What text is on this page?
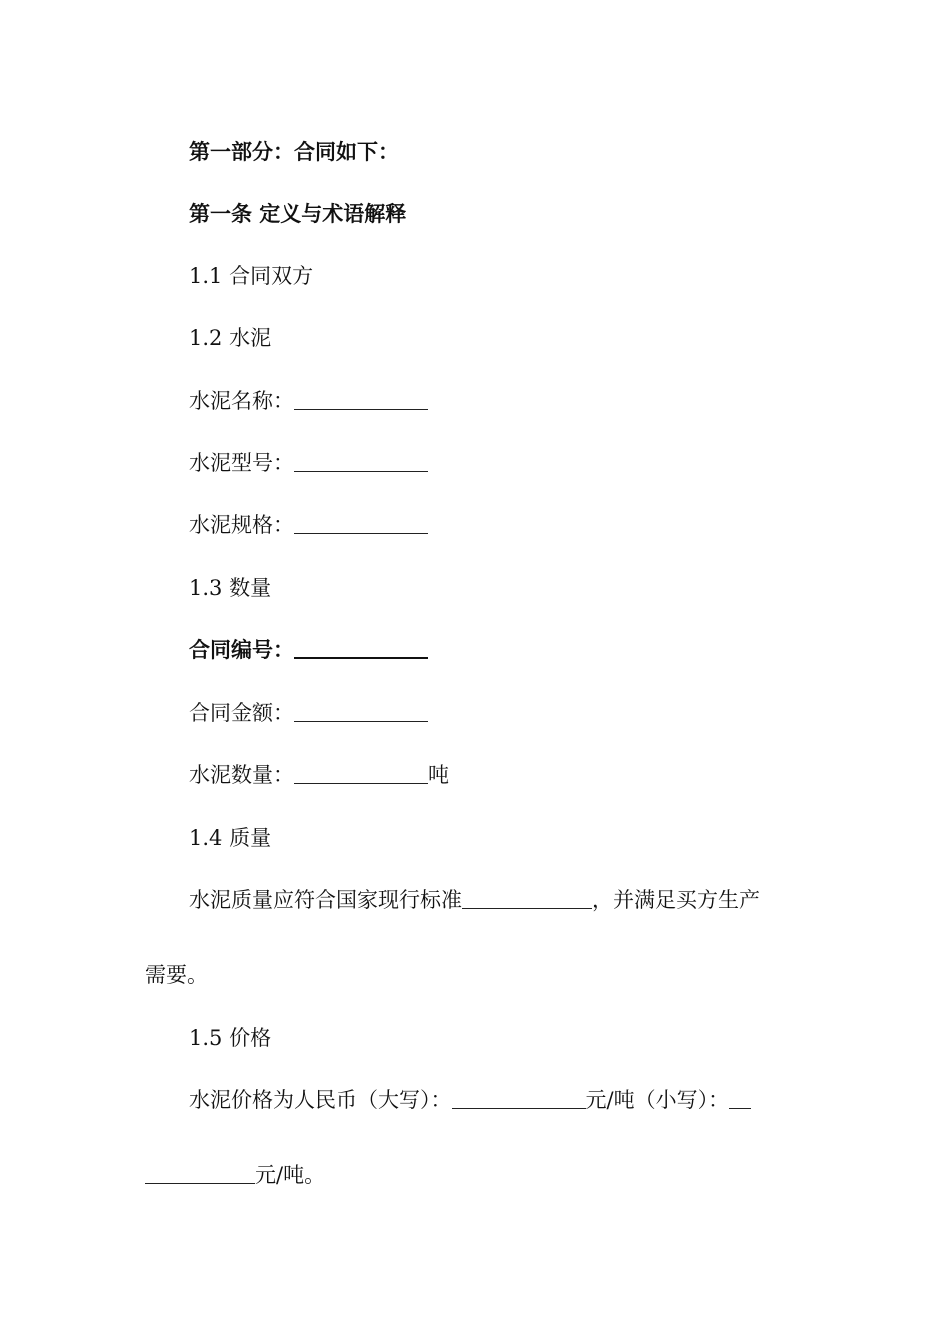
第一部分：合同如下：
第一条 定义与术语解释
1.1 合同双方
1.2 水泥
水泥名称：
水泥型号：
水泥规格：
1.3 数量
合同编号：
合同金额：
水泥数量：	吨
1.4 质量
水泥质量应符合国家现行标准	，并满足买方生产
需要。
1.5 价格
水泥价格为人民币（大写）：	元/吨（小写）：
元/吨。
